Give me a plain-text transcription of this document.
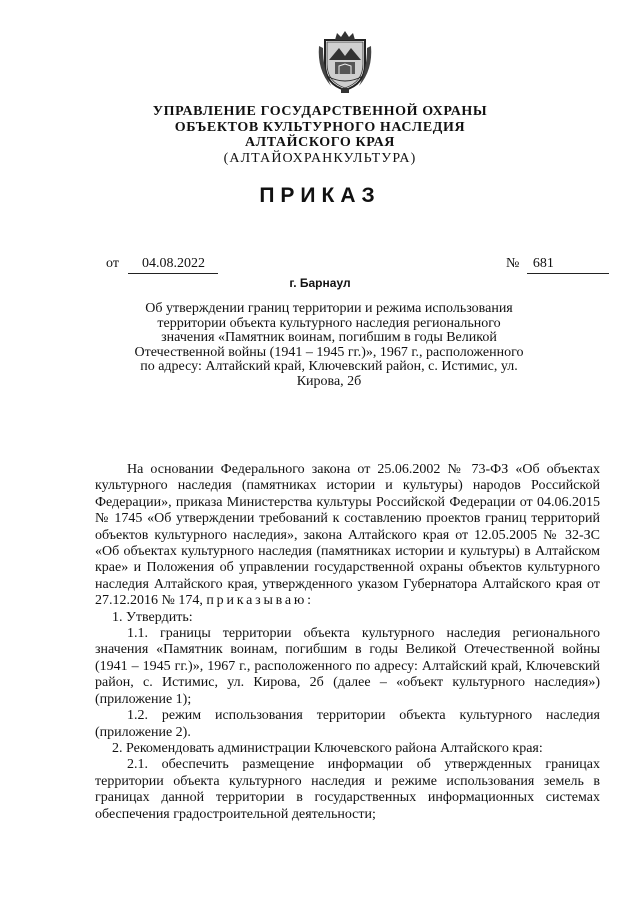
УПРАВЛЕНИЕ ГОСУДАРСТВЕННОЙ ОХРАНЫ
ОБЪЕКТОВ КУЛЬТУРНОГО НАСЛЕДИЯ
АЛТАЙСКОГО КРАЯ
(АЛТАЙОХРАНКУЛЬТУРА)
ПРИКАЗ
от 04.08.2022	№ 681
г. Барнаул
Об утверждении границ территории и режима использования территории объекта культурного наследия регионального значения «Памятник воинам, погибшим в годы Великой Отечественной войны (1941 – 1945 гг.)», 1967 г., расположенного по адресу: Алтайский край, Ключевский район, с. Истимис, ул. Кирова, 2б

На основании Федерального закона от 25.06.2002 № 73-ФЗ «Об объектах культурного наследия (памятниках истории и культуры) народов Российской Федерации», приказа Министерства культуры Российской Федерации от 04.06.2015 № 1745 «Об утверждении требований к составлению проектов границ территорий объектов культурного наследия», закона Алтайского края от 12.05.2005 № 32-ЗС «Об объектах культурного наследия (памятниках истории и культуры) в Алтайском крае» и Положения об управлении государственной охраны объектов культурного наследия Алтайского края, утвержденного указом Губернатора Алтайского края от 27.12.2016 № 174, приказываю:

1. Утвердить:

1.1. границы территории объекта культурного наследия регионального значения «Памятник воинам, погибшим в годы Великой Отечественной войны (1941 – 1945 гг.)», 1967 г., расположенного по адресу: Алтайский край, Ключевский район, с. Истимис, ул. Кирова, 2б (далее – «объект культурного наследия») (приложение 1);

1.2. режим использования территории объекта культурного наследия (приложение 2).

2. Рекомендовать администрации Ключевского района Алтайского края:

2.1. обеспечить размещение информации об утвержденных границах территории объекта культурного наследия и режиме использования земель в границах данной территории в государственных информационных системах обеспечения градостроительной деятельности;
